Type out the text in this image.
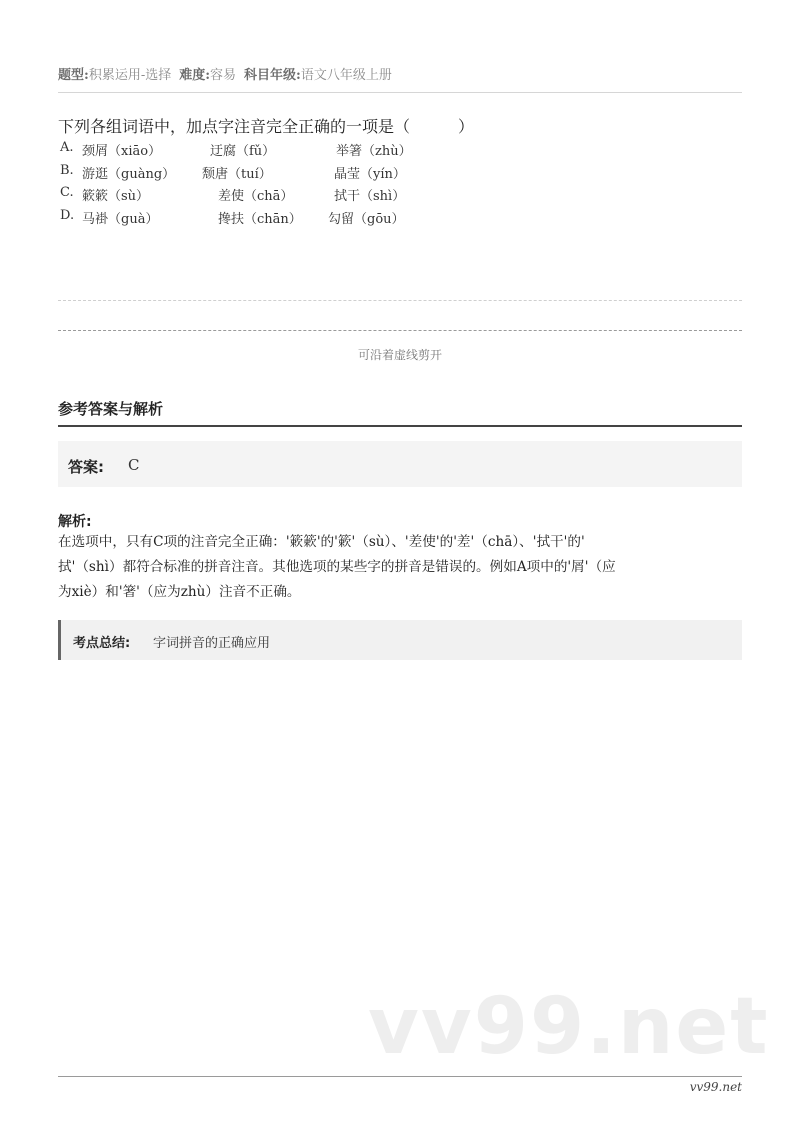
题型:积累运用-选择 难度:容易 科目年级:语文八年级上册
下列各组词语中，加点字注音完全正确的一项是（　　　）
A. 颈屑（xiāo）	迂腐（fǔ）	举箸（zhù）
B. 游逛（guàng） 颓唐（tuí）	晶莹（yín）
C. 簌簌（sù）	差使（chā）	拭干（shì）
D. 马褂（guà）	搀扶（chān） 勾留（gōu）
可沿着虚线剪开
参考答案与解析
答案: C
解析:
在选项中，只有C项的注音完全正确：'簌簌'的'簌'（sù）、'差使'的'差'（chā）、'拭干'的'
拭'（shì）都符合标准的拼音注音。其他选项的某些字的拼音是错误的。例如A项中的'屑'（应
为xiè）和'箸'（应为zhù）注音不正确。
考点总结: 字词拼音的正确应用
vv99.net
vv99.net
